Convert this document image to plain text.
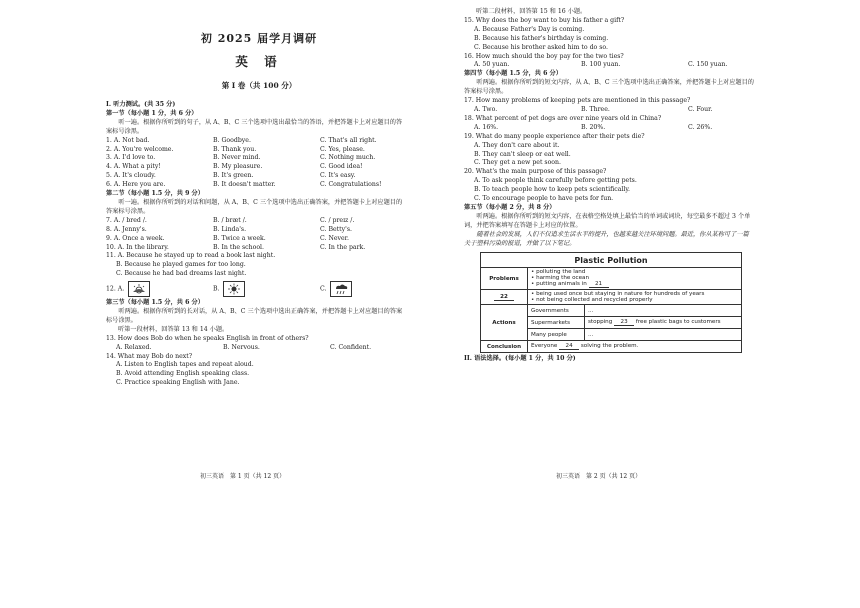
初 2025 届学月调研
英 语
第 I 卷（共 100 分）
I. 听力测试。(共 35 分)
第一节（每小题 1 分，共 6 分）
听一遍。根据你所听到的句子，从 A、B、C 三个选项中选出最恰当的答语，并把答题卡上对应题目的答案标号涂黑。
1. A. Not bad.	B. Goodbye.	C. That's all right.
2. A. You're welcome.	B. Thank you.	C. Yes, please.
3. A. I'd love to.	B. Never mind.	C. Nothing much.
4. A. What a pity!	B. My pleasure.	C. Good idea!
5. A. It's cloudy.	B. It's green.	C. It's easy.
6. A. Here you are.	B. It doesn't matter.	C. Congratulations!
第二节（每小题 1.5 分，共 9 分）
听一遍。根据你所听到的对话和问题，从 A、B、C 三个选项中选出正确答案，并把答题卡上对应题目的答案标号涂黑。
7. A. / bred /.	B. / bræt /.	C. / preɪz /.
8. A. Jenny's.	B. Linda's.	C. Betty's.
9. A. Once a week.	B. Twice a week.	C. Never.
10. A. In the library.	B. In the school.	C. In the park.
11. A. Because he stayed up to read a book last night.
B. Because he played games for too long.
C. Because he had bad dreams last night.
12. A.	B.	C.
第三节（每小题 1.5 分，共 6 分）
听两遍。根据你所听到的长对话，从 A、B、C 三个选项中选出正确答案，并把答题卡上对应题目的答案标号涂黑。
听第一段材料，回答第 13 和 14 小题。
13. How does Bob do when he speaks English in front of others?
A. Relaxed.	B. Nervous.	C. Confident.
14. What may Bob do next?
A. Listen to English tapes and repeat aloud.
B. Avoid attending English speaking class.
C. Practice speaking English with Jane.
初三英语　第 1 页（共 12 页）
听第二段材料，回答第 15 和 16 小题。
15. Why does the boy want to buy his father a gift?
A. Because Father's Day is coming.
B. Because his father's birthday is coming.
C. Because his brother asked him to do so.
16. How much should the boy pay for the two ties?
A. 50 yuan.	B. 100 yuan.	C. 150 yuan.
第四节（每小题 1.5 分，共 6 分）
听两遍。根据你所听到的短文内容，从 A、B、C 三个选项中选出正确答案，并把答题卡上对应题目的答案标号涂黑。
17. How many problems of keeping pets are mentioned in this passage?
A. Two.	B. Three.	C. Four.
18. What percent of pet dogs are over nine years old in China?
A. 16%.	B. 20%.	C. 26%.
19. What do many people experience after their pets die?
A. They don't care about it.
B. They can't sleep or eat well.
C. They get a new pet soon.
20. What's the main purpose of this passage?
A. To ask people think carefully before getting pets.
B. To teach people how to keep pets scientifically.
C. To encourage people to have pets for fun.
第五节（每小题 2 分，共 8 分）
听两遍。根据你所听到的短文内容，在表格空格处填上最恰当的单词或词块，每空最多不超过 3 个单词，并把答案填写在答题卡上对应的位置。
随着社会的发展，人们不仅追求生活水平的提升，也越来越关注环境问题。最近，你从某称可了一篇关于塑料污染的报道，并做了以下笔记。
Plastic Pollution		
Problems	• polluting the land
• harming the ocean
• putting animals in 21	

22	• being used once but staying in nature for hundreds of years
• not being collected and recycled properly	

Actions	Governments	...
	Supermarkets	stopping 23 free plastic bags to customers
	Many people	...
Conclusion	Everyone 24 solving the problem.	
II. 语法选择。(每小题 1 分，共 10 分)
初三英语　第 2 页（共 12 页）
